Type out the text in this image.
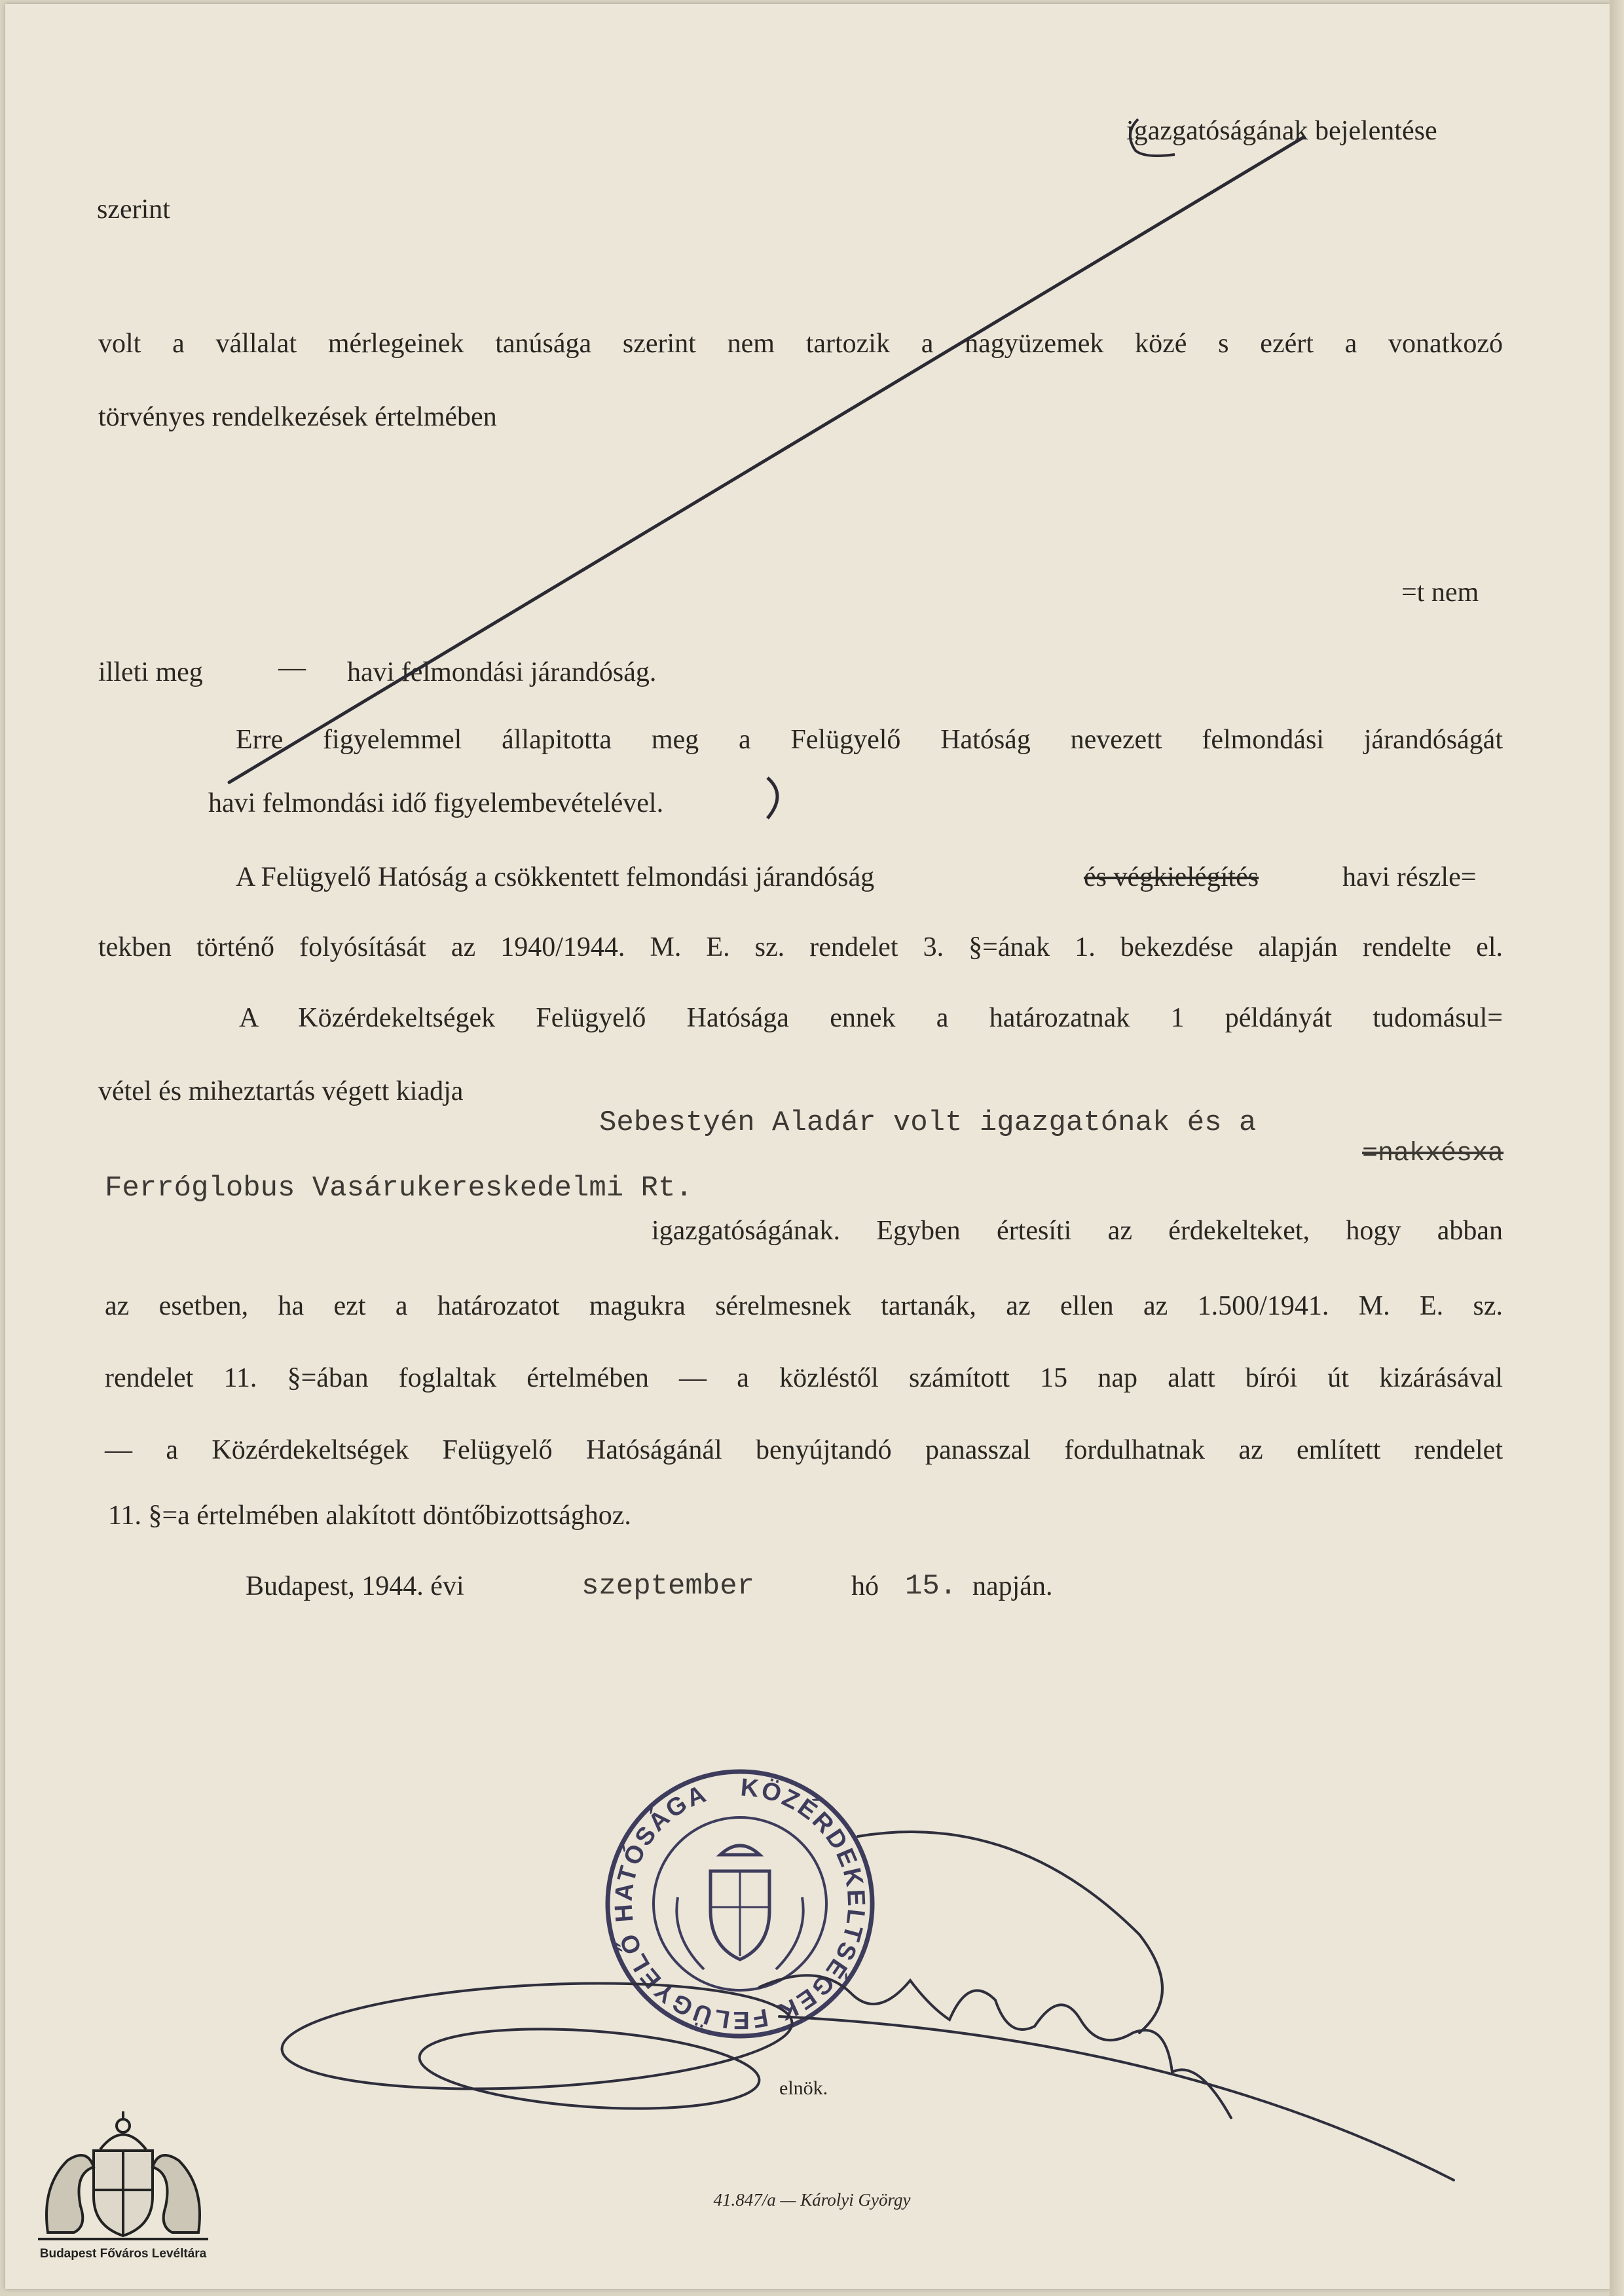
igazgatóságának bejelentése
szerint
volt a vállalat mérlegeinek tanúsága szerint nem tartozik a nagyüzemek közé s ezért a vonatkozó
törvényes rendelkezések értelmében
=t nem
illeti meg	— havi felmondási járandóság.
Erre figyelemmel állapitotta meg a Felügyelő Hatóság nevezett felmondási járandóságát
havi felmondási idő figyelembevételével.
A Felügyelő Hatóság a csökkentett felmondási járandóság	és végkielégítés	havi részle=
tekben történő folyósítását az 1940/1944. M. E. sz. rendelet 3. §=ának 1. bekezdése alapján rendelte el.
A Közérdekeltségek Felügyelő Hatósága ennek a határozatnak 1 példányát tudomásul=
vétel és miheztartás végett kiadja
Sebestyén Aladár volt igazgatónak és a
Ferróglobus Vasárukereskedelmi Rt.
=nakxésxa
igazgatóságának. Egyben értesíti az érdekelteket, hogy abban
az esetben, ha ezt a határozatot magukra sérelmesnek tartanák, az ellen az 1.500/1941. M. E. sz.
rendelet 11. §=ában foglaltak értelmében — a közléstől számított 15 nap alatt bírói út kizárásával
— a Közérdekeltségek Felügyelő Hatóságánál benyújtandó panasszal fordulhatnak az említett rendelet
11. §=a értelmében alakított döntőbizottsághoz.
Budapest, 1944. évi	szeptember	hó 15. napján.
elnök.
41.847/a — Károlyi György
KÖZÉRDEKELTSÉGEK FELÜGYELŐ HATÓSÁGA
Budapest Főváros Levéltára
